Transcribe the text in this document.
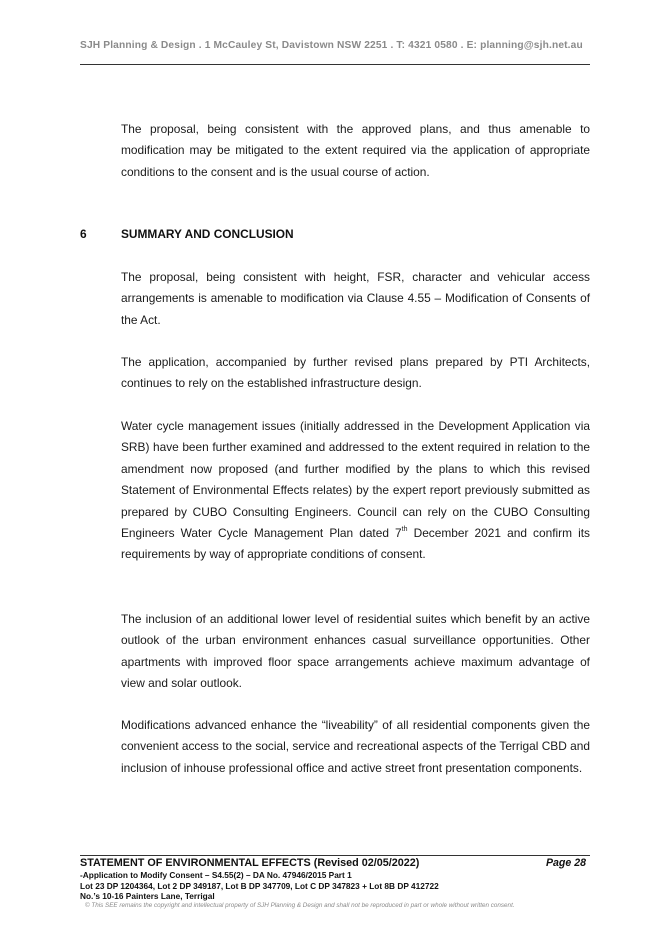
SJH Planning & Design . 1 McCauley St, Davistown NSW 2251 . T: 4321 0580 . E: planning@sjh.net.au

The proposal, being consistent with the approved plans, and thus amenable to modification may be mitigated to the extent required via the application of appropriate conditions to the consent and is the usual course of action.

6	SUMMARY AND CONCLUSION

The proposal, being consistent with height, FSR, character and vehicular access arrangements is amenable to modification via Clause 4.55 – Modification of Consents of the Act.

The application, accompanied by further revised plans prepared by PTI Architects, continues to rely on the established infrastructure design.

Water cycle management issues (initially addressed in the Development Application via SRB) have been further examined and addressed to the extent required in relation to the amendment now proposed (and further modified by the plans to which this revised Statement of Environmental Effects relates) by the expert report previously submitted as prepared by CUBO Consulting Engineers. Council can rely on the CUBO Consulting Engineers Water Cycle Management Plan dated 7th December 2021 and confirm its requirements by way of appropriate conditions of consent.

The inclusion of an additional lower level of residential suites which benefit by an active outlook of the urban environment enhances casual surveillance opportunities. Other apartments with improved floor space arrangements achieve maximum advantage of view and solar outlook.

Modifications advanced enhance the “liveability” of all residential components given the convenient access to the social, service and recreational aspects of the Terrigal CBD and inclusion of inhouse professional office and active street front presentation components.

STATEMENT OF ENVIRONMENTAL EFFECTS (Revised 02/05/2022)	Page 28
-Application to Modify Consent – S4.55(2) – DA No. 47946/2015 Part 1
Lot 23 DP 1204364, Lot 2 DP 349187, Lot B DP 347709, Lot C DP 347823 + Lot 8B DP 412722
No.’s 10-16 Painters Lane, Terrigal
© This SEE remains the copyright and intellectual property of SJH Planning & Design and shall not be reproduced in part or whole without written consent.
